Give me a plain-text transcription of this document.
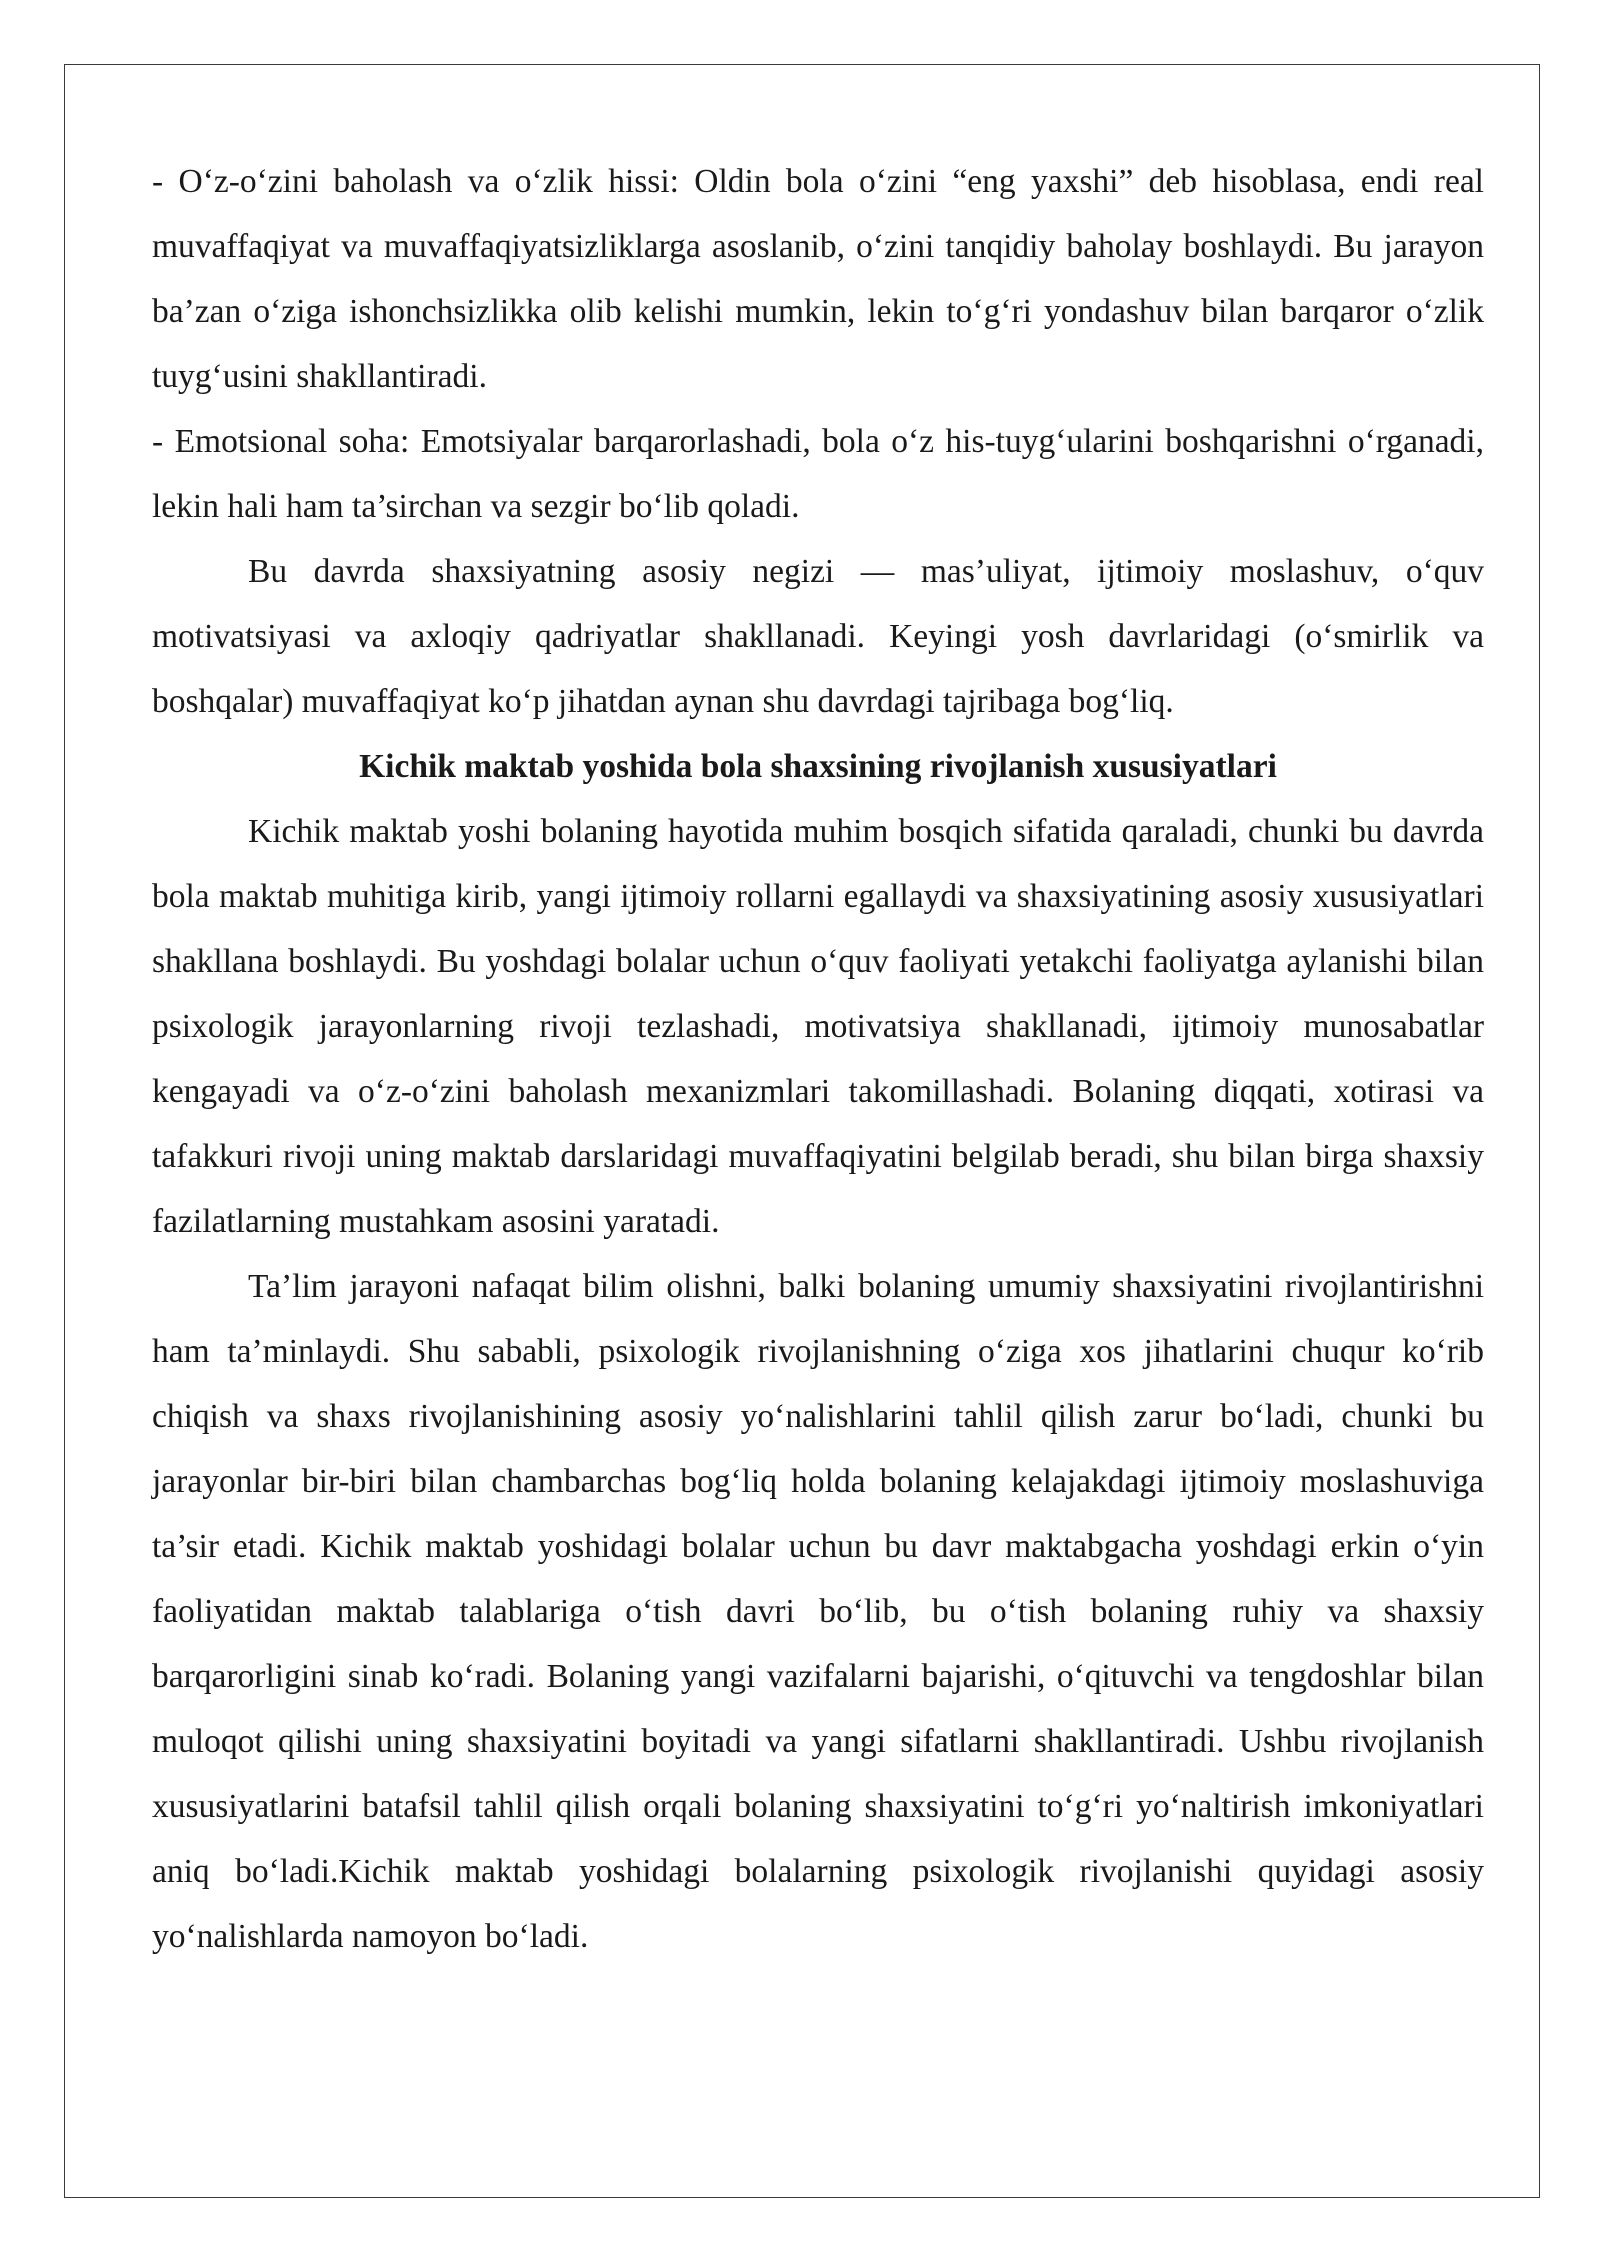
- O‘z-o‘zini baholash va o‘zlik hissi: Oldin bola o‘zini “eng yaxshi” deb hisoblasa, endi real muvaffaqiyat va muvaffaqiyatsizliklarga asoslanib, o‘zini tanqidiy baholay boshlaydi. Bu jarayon ba’zan o‘ziga ishonchsizlikka olib kelishi mumkin, lekin to‘g‘ri yondashuv bilan barqaror o‘zlik tuyg‘usini shakllantiradi.

- Emotsional soha: Emotsiyalar barqarorlashadi, bola o‘z his-tuyg‘ularini boshqarishni o‘rganadi, lekin hali ham ta’sirchan va sezgir bo‘lib qoladi.

Bu davrda shaxsiyatning asosiy negizi — mas’uliyat, ijtimoiy moslashuv, o‘quv motivatsiyasi va axloqiy qadriyatlar shakllanadi. Keyingi yosh davrlaridagi (o‘smirlik va boshqalar) muvaffaqiyat ko‘p jihatdan aynan shu davrdagi tajribaga bog‘liq.

Kichik maktab yoshida bola shaxsining rivojlanish xususiyatlari

Kichik maktab yoshi bolaning hayotida muhim bosqich sifatida qaraladi, chunki bu davrda bola maktab muhitiga kirib, yangi ijtimoiy rollarni egallaydi va shaxsiyatining asosiy xususiyatlari shakllana boshlaydi. Bu yoshdagi bolalar uchun o‘quv faoliyati yetakchi faoliyatga aylanishi bilan psixologik jarayonlarning rivoji tezlashadi, motivatsiya shakllanadi, ijtimoiy munosabatlar kengayadi va o‘z-o‘zini baholash mexanizmlari takomillashadi. Bolaning diqqati, xotirasi va tafakkuri rivoji uning maktab darslaridagi muvaffaqiyatini belgilab beradi, shu bilan birga shaxsiy fazilatlarning mustahkam asosini yaratadi.

Ta’lim jarayoni nafaqat bilim olishni, balki bolaning umumiy shaxsiyatini rivojlantirishni ham ta’minlaydi. Shu sababli, psixologik rivojlanishning o‘ziga xos jihatlarini chuqur ko‘rib chiqish va shaxs rivojlanishining asosiy yo‘nalishlarini tahlil qilish zarur bo‘ladi, chunki bu jarayonlar bir-biri bilan chambarchas bog‘liq holda bolaning kelajakdagi ijtimoiy moslashuviga ta’sir etadi. Kichik maktab yoshidagi bolalar uchun bu davr maktabgacha yoshdagi erkin o‘yin faoliyatidan maktab talablariga o‘tish davri bo‘lib, bu o‘tish bolaning ruhiy va shaxsiy barqarorligini sinab ko‘radi. Bolaning yangi vazifalarni bajarishi, o‘qituvchi va tengdoshlar bilan muloqot qilishi uning shaxsiyatini boyitadi va yangi sifatlarni shakllantiradi. Ushbu rivojlanish xususiyatlarini batafsil tahlil qilish orqali bolaning shaxsiyatini to‘g‘ri yo‘naltirish imkoniyatlari aniq bo‘ladi.Kichik maktab yoshidagi bolalarning psixologik rivojlanishi quyidagi asosiy yo‘nalishlarda namoyon bo‘ladi.
